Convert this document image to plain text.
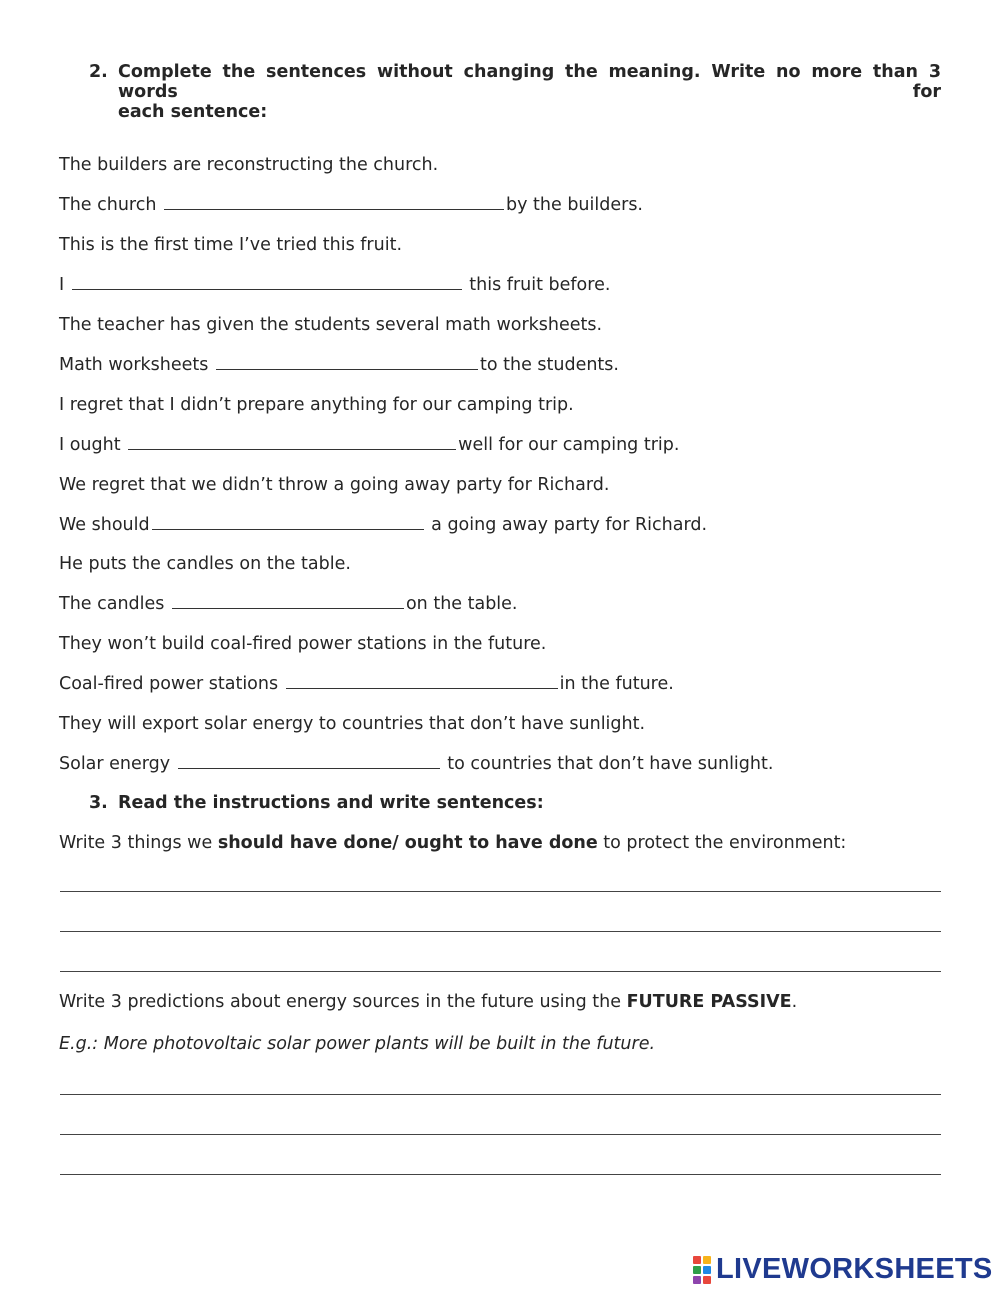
2. Complete the sentences without changing the meaning. Write no more than 3 words for
each sentence:
The builders are reconstructing the church.
The church	by the builders.
This is the first time I’ve tried this fruit.
I	this fruit before.
The teacher has given the students several math worksheets.
Math worksheets	to the students.
I regret that I didn’t prepare anything for our camping trip.
I ought	well for our camping trip.
We regret that we didn’t throw a going away party for Richard.
We should	a going away party for Richard.
He puts the candles on the table.
The candles	on the table.
They won’t build coal-fired power stations in the future.
Coal-fired power stations	in the future.
They will export solar energy to countries that don’t have sunlight.
Solar energy	to countries that don’t have sunlight.
3. Read the instructions and write sentences:
Write 3 things we should have done/ ought to have done to protect the environment:
Write 3 predictions about energy sources in the future using the FUTURE PASSIVE.
E.g.: More photovoltaic solar power plants will be built in the future.
LIVEWORKSHEETS
